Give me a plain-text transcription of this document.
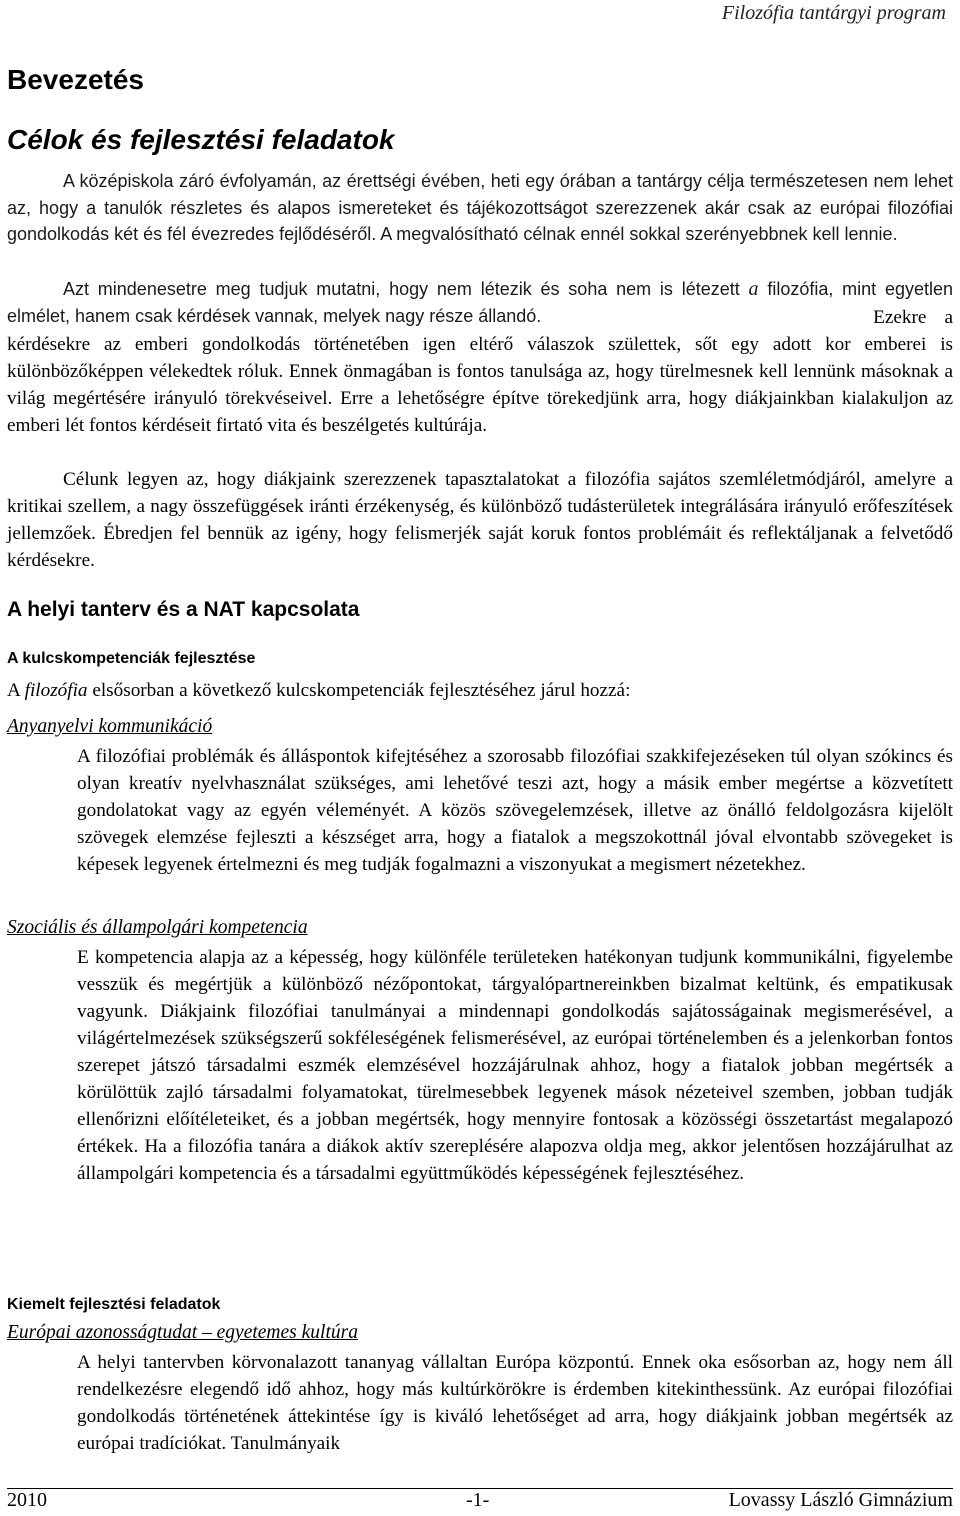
Filozófia tantárgyi program
Bevezetés
Célok és fejlesztési feladatok

A középiskola záró évfolyamán, az érettségi évében, heti egy órában a tantárgy célja természetesen nem lehet az, hogy a tanulók részletes és alapos ismereteket és tájékozottságot szerezzenek akár csak az európai filozófiai gondolkodás két és fél évezredes fejlődéséről. A megvalósítható célnak ennél sokkal szerényebbnek kell lennie.

Azt mindenesetre meg tudjuk mutatni, hogy nem létezik és soha nem is létezett a filozófia, mint egyetlen elmélet, hanem csak kérdések vannak, melyek nagy része állandó.	Ezekre a kérdésekre az emberi gondolkodás történetében igen eltérő válaszok születtek, sőt egy adott kor emberei is különbözőképpen vélekedtek róluk. Ennek önmagában is fontos tanulsága az, hogy türelmesnek kell lennünk másoknak a világ megértésére irányuló törekvéseivel. Erre a lehetőségre építve törekedjünk arra, hogy diákjainkban kialakuljon az emberi lét fontos kérdéseit firtató vita és beszélgetés kultúrája.

Célunk legyen az, hogy diákjaink szerezzenek tapasztalatokat a filozófia sajátos szemléletmódjáról, amelyre a kritikai szellem, a nagy összefüggések iránti érzékenység, és különböző tudásterületek integrálására irányuló erőfeszítések jellemzőek. Ébredjen fel bennük az igény, hogy felismerjék saját koruk fontos problémáit és reflektáljanak a felvetődő kérdésekre.

A helyi tanterv és a NAT kapcsolata
A kulcskompetenciák fejlesztése

A filozófia elsősorban a következő kulcskompetenciák fejlesztéséhez járul hozzá:

Anyanyelvi kommunikáció

A filozófiai problémák és álláspontok kifejtéséhez a szorosabb filozófiai szakkifejezéseken túl olyan szókincs és olyan kreatív nyelvhasználat szükséges, ami lehetővé teszi azt, hogy a másik ember megértse a közvetített gondolatokat vagy az egyén véleményét. A közös szövegelemzések, illetve az önálló feldolgozásra kijelölt szövegek elemzése fejleszti a készséget arra, hogy a fiatalok a megszokottnál jóval elvontabb szövegeket is képesek legyenek értelmezni és meg tudják fogalmazni a viszonyukat a megismert nézetekhez.

Szociális és állampolgári kompetencia

E kompetencia alapja az a képesség, hogy különféle területeken hatékonyan tudjunk kommunikálni, figyelembe vesszük és megértjük a különböző nézőpontokat, tárgyalópartnereinkben bizalmat keltünk, és empatikusak vagyunk. Diákjaink filozófiai tanulmányai a mindennapi gondolkodás sajátosságainak megismerésével, a világértelmezések szükségszerű sokféleségének felismerésével, az európai történelemben és a jelenkorban fontos szerepet játszó társadalmi eszmék elemzésével hozzájárulnak ahhoz, hogy a fiatalok jobban megértsék a körülöttük zajló társadalmi folyamatokat, türelmesebbek legyenek mások nézeteivel szemben, jobban tudják ellenőrizni előítéleteiket, és a jobban megértsék, hogy mennyire fontosak a közösségi összetartást megalapozó értékek. Ha a filozófia tanára a diákok aktív szereplésére alapozva oldja meg, akkor jelentősen hozzájárulhat az állampolgári kompetencia és a társadalmi együttműködés képességének fejlesztéséhez.

Kiemelt fejlesztési feladatok
Európai azonosságtudat – egyetemes kultúra

A helyi tantervben körvonalazott tananyag vállaltan Európa központú. Ennek oka esősorban az, hogy nem áll rendelkezésre elegendő idő ahhoz, hogy más kultúrkörökre is érdemben kitekinthessünk. Az európai filozófiai gondolkodás történetének áttekintése így is kiváló lehetőséget ad arra, hogy diákjaink jobban megértsék az európai tradíciókat. Tanulmányaik

2010	-1-	Lovassy László Gimnázium
